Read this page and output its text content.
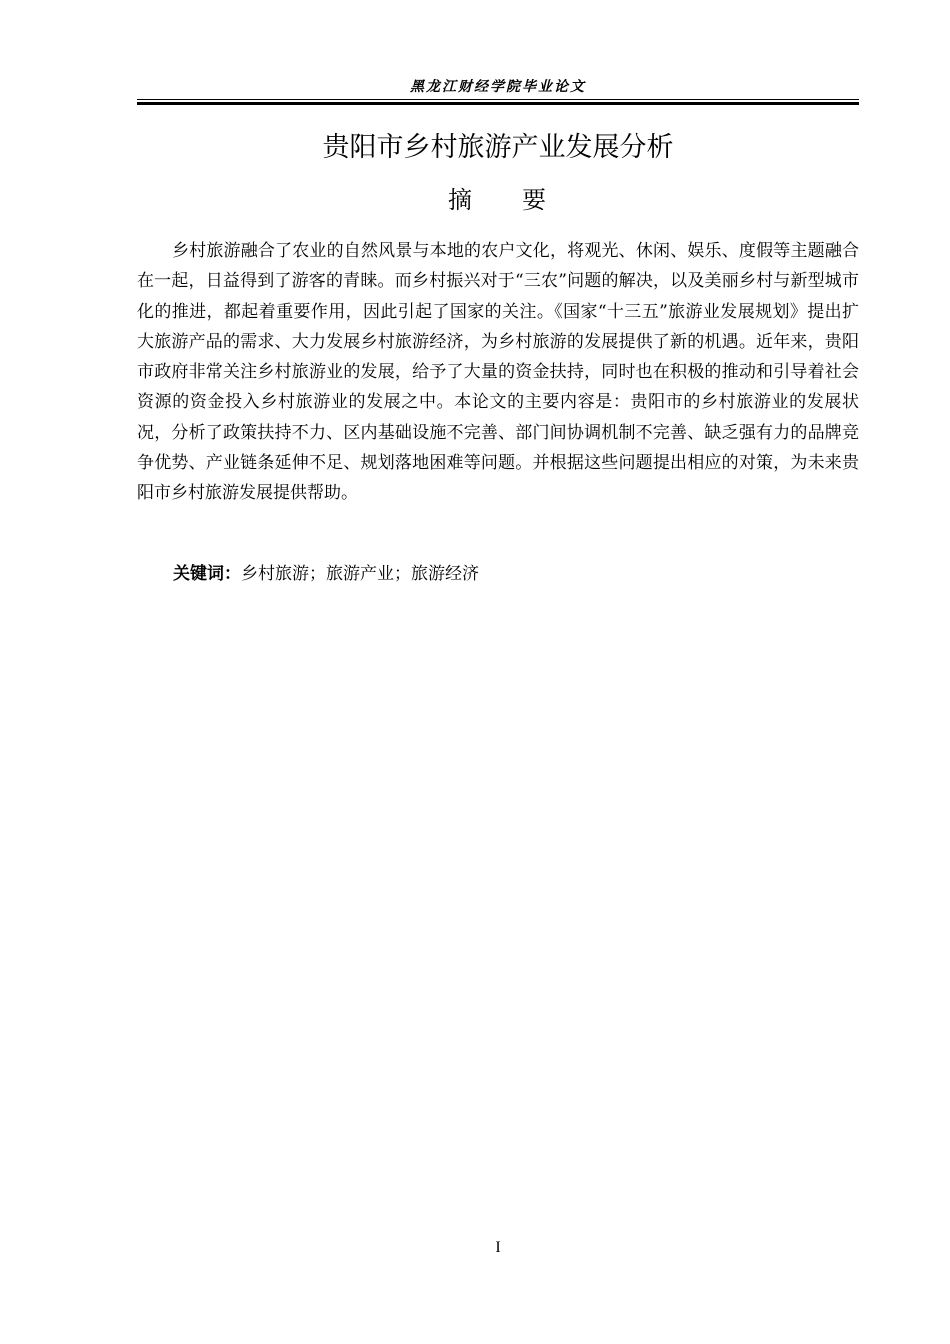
黑龙江财经学院毕业论文
贵阳市乡村旅游产业发展分析
摘 要

乡村旅游融合了农业的自然风景与本地的农户文化，将观光、休闲、娱乐、度假等主题融合在一起，日益得到了游客的青睐。而乡村振兴对于“三农”问题的解决，以及美丽乡村与新型城市化的推进，都起着重要作用，因此引起了国家的关注。《国家“十三五”旅游业发展规划》提出扩大旅游产品的需求、大力发展乡村旅游经济，为乡村旅游的发展提供了新的机遇。近年来，贵阳市政府非常关注乡村旅游业的发展，给予了大量的资金扶持，同时也在积极的推动和引导着社会资源的资金投入乡村旅游业的发展之中。本论文的主要内容是：贵阳市的乡村旅游业的发展状况，分析了政策扶持不力、区内基础设施不完善、部门间协调机制不完善、缺乏强有力的品牌竞争优势、产业链条延伸不足、规划落地困难等问题。并根据这些问题提出相应的对策，为未来贵阳市乡村旅游发展提供帮助。

关键词：乡村旅游；旅游产业；旅游经济
I
